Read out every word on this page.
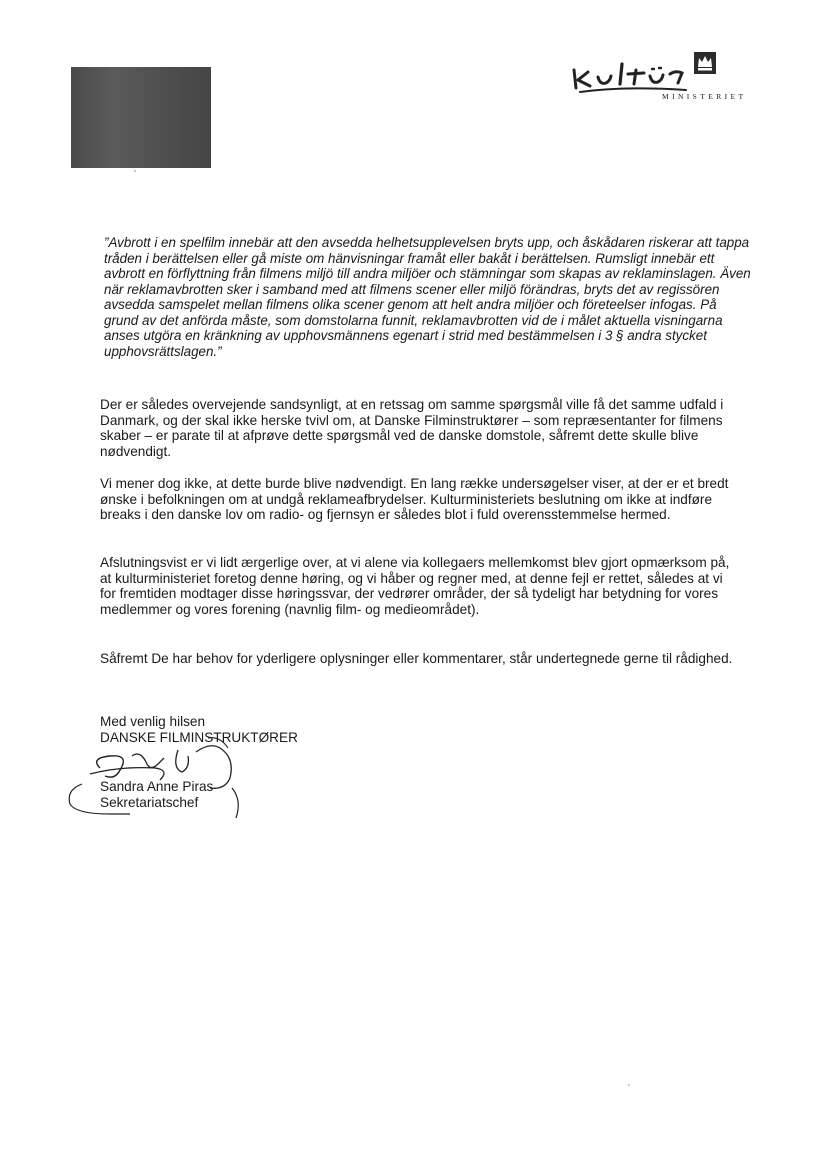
MINISTERIET

”Avbrott i en spelfilm innebär att den avsedda helhetsupplevelsen bryts upp, och åskådaren riskerar att tappa tråden i berättelsen eller gå miste om hänvisningar framåt eller bakåt i berättelsen. Rumsligt innebär ett avbrott en förflyttning från filmens miljö till andra miljöer och stämningar som skapas av reklaminslagen. Även när reklamavbrotten sker i samband med att filmens scener eller miljö förändras, bryts det av regissören avsedda samspelet mellan filmens olika scener genom att helt andra miljöer och företeelser infogas. På grund av det anförda måste, som domstolarna funnit, reklamavbrotten vid de i målet aktuella visningarna anses utgöra en kränkning av upphovsmännens egenart i strid med bestämmelsen i 3 § andra stycket upphovsrättslagen.”

Der er således overvejende sandsynligt, at en retssag om samme spørgsmål ville få det samme udfald i Danmark, og der skal ikke herske tvivl om, at Danske Filminstruktører – som repræsentanter for filmens skaber – er parate til at afprøve dette spørgsmål ved de danske domstole, såfremt dette skulle blive nødvendigt.

Vi mener dog ikke, at dette burde blive nødvendigt. En lang række undersøgelser viser, at der er et bredt ønske i befolkningen om at undgå reklameafbrydelser. Kulturministeriets beslutning om ikke at indføre breaks i den danske lov om radio- og fjernsyn er således blot i fuld overensstemmelse hermed.

Afslutningsvist er vi lidt ærgerlige over, at vi alene via kollegaers mellemkomst blev gjort opmærksom på, at kulturministeriet foretog denne høring, og vi håber og regner med, at denne fejl er rettet, således at vi for fremtiden modtager disse høringssvar, der vedrører områder, der så tydeligt har betydning for vores medlemmer og vores forening (navnlig film- og medieområdet).

Såfremt De har behov for yderligere oplysninger eller kommentarer, står undertegnede gerne til rådighed.

Med venlig hilsen
DANSKE FILMINSTRUKTØRER
Sandra Anne Piras
Sekretariatschef
